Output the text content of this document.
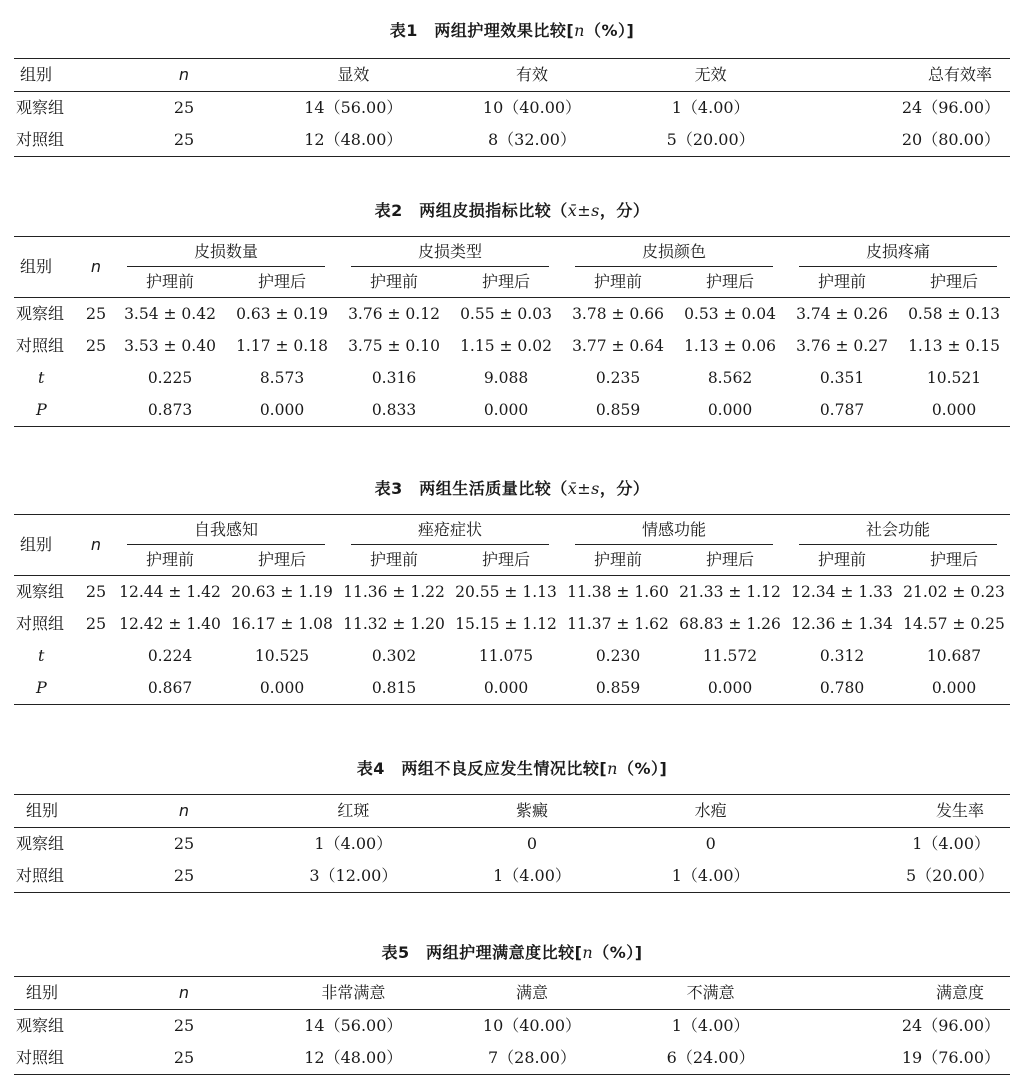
表1　两组护理效果比较[n（%）]
组别	n	显效	有效	无效	总有效率
观察组	25	14（56.00）	10（40.00）	1（4.00）	24（96.00）
对照组	25	12（48.00）	8（32.00）	5（20.00）	20（80.00）
表2　两组皮损指标比较（x̄±s，分）
组别	n	皮损数量		皮损类型		皮损颜色		皮损疼痛	
		护理前	护理后	护理前	护理后	护理前	护理后	护理前	护理后
观察组	25	3.54 ± 0.42	0.63 ± 0.19	3.76 ± 0.12	0.55 ± 0.03	3.78 ± 0.66	0.53 ± 0.04	3.74 ± 0.26	0.58 ± 0.13
对照组	25	3.53 ± 0.40	1.17 ± 0.18	3.75 ± 0.10	1.15 ± 0.02	3.77 ± 0.64	1.13 ± 0.06	3.76 ± 0.27	1.13 ± 0.15
t		0.225	8.573	0.316	9.088	0.235	8.562	0.351	10.521
P		0.873	0.000	0.833	0.000	0.859	0.000	0.787	0.000
表3　两组生活质量比较（x̄±s，分）
组别	n	自我感知		痤疮症状		情感功能		社会功能	
		护理前	护理后	护理前	护理后	护理前	护理后	护理前	护理后
观察组	25	12.44 ± 1.42	20.63 ± 1.19	11.36 ± 1.22	20.55 ± 1.13	11.38 ± 1.60	21.33 ± 1.12	12.34 ± 1.33	21.02 ± 0.23
对照组	25	12.42 ± 1.40	16.17 ± 1.08	11.32 ± 1.20	15.15 ± 1.12	11.37 ± 1.62	68.83 ± 1.26	12.36 ± 1.34	14.57 ± 0.25
t		0.224	10.525	0.302	11.075	0.230	11.572	0.312	10.687
P		0.867	0.000	0.815	0.000	0.859	0.000	0.780	0.000
表4　两组不良反应发生情况比较[n（%）]
组别	n	红斑	紫癜	水疱	发生率
观察组	25	1（4.00）	0	0	1（4.00）
对照组	25	3（12.00）	1（4.00）	1（4.00）	5（20.00）
表5　两组护理满意度比较[n（%）]
组别	n	非常满意	满意	不满意	满意度
观察组	25	14（56.00）	10（40.00）	1（4.00）	24（96.00）
对照组	25	12（48.00）	7（28.00）	6（24.00）	19（76.00）
